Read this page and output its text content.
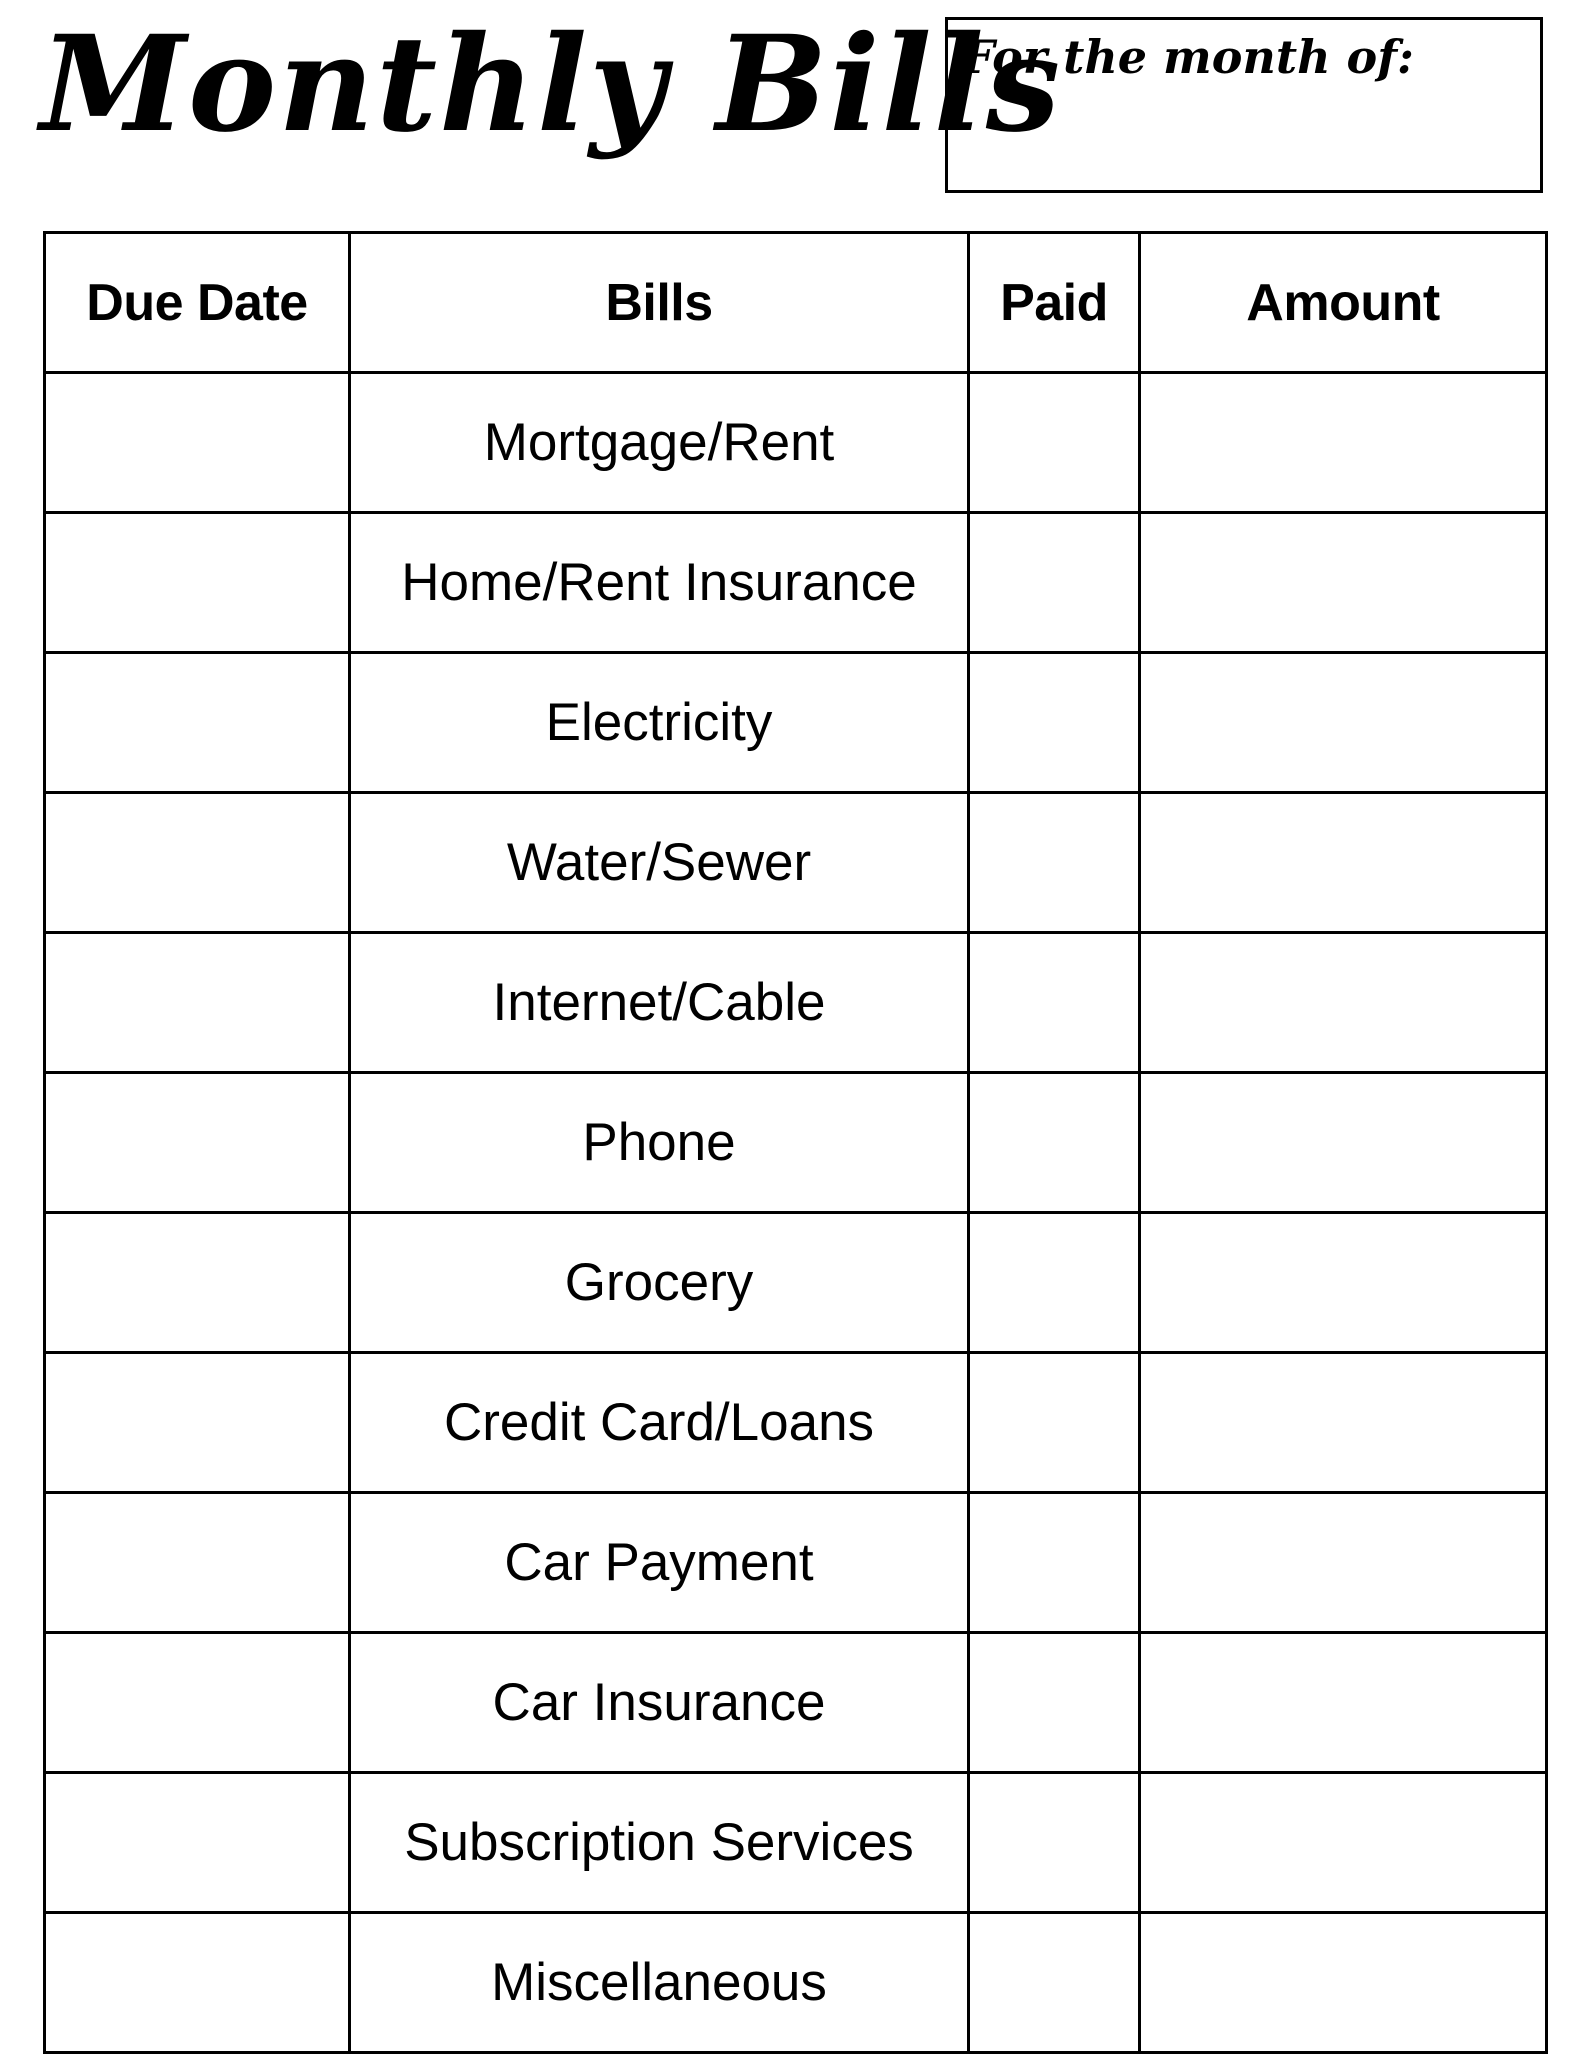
Monthly Bills
For the month of:
Due Date	Bills	Paid	Amount
	Mortgage/Rent		
	Home/Rent Insurance		
	Electricity		
	Water/Sewer		
	Internet/Cable		
	Phone		
	Grocery		
	Credit Card/Loans		
	Car Payment		
	Car Insurance		
	Subscription Services		
	Miscellaneous		
